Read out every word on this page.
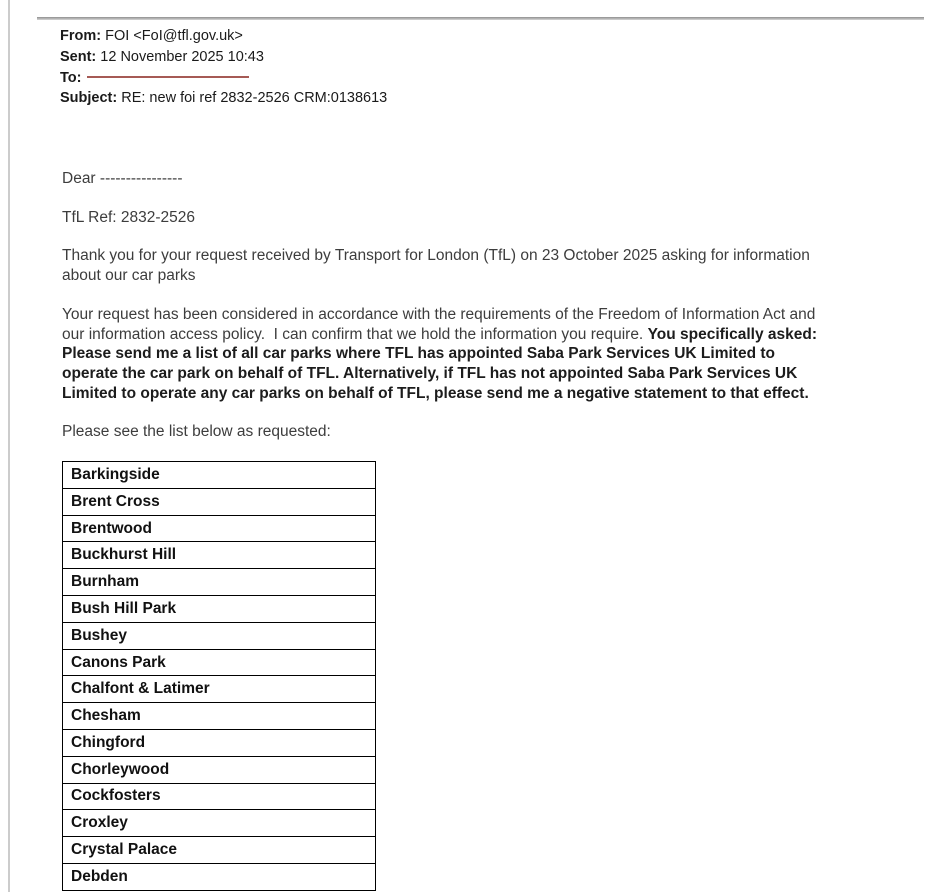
From: FOI <FoI@tfl.gov.uk>
Sent: 12 November 2025 10:43
To:
Subject: RE: new foi ref 2832-2526 CRM:0138613
Dear ----------------
TfL Ref: 2832-2526
Thank you for your request received by Transport for London (TfL) on 23 October 2025 asking for information
about our car parks
Your request has been considered in accordance with the requirements of the Freedom of Information Act and
our information access policy.  I can confirm that we hold the information you require. You specifically asked:
Please send me a list of all car parks where TFL has appointed Saba Park Services UK Limited to
operate the car park on behalf of TFL. Alternatively, if TFL has not appointed Saba Park Services UK
Limited to operate any car parks on behalf of TFL, please send me a negative statement to that effect.
Please see the list below as requested:
Barkingside
Brent Cross
Brentwood
Buckhurst Hill
Burnham
Bush Hill Park
Bushey
Canons Park
Chalfont & Latimer
Chesham
Chingford
Chorleywood
Cockfosters
Croxley
Crystal Palace
Debden
